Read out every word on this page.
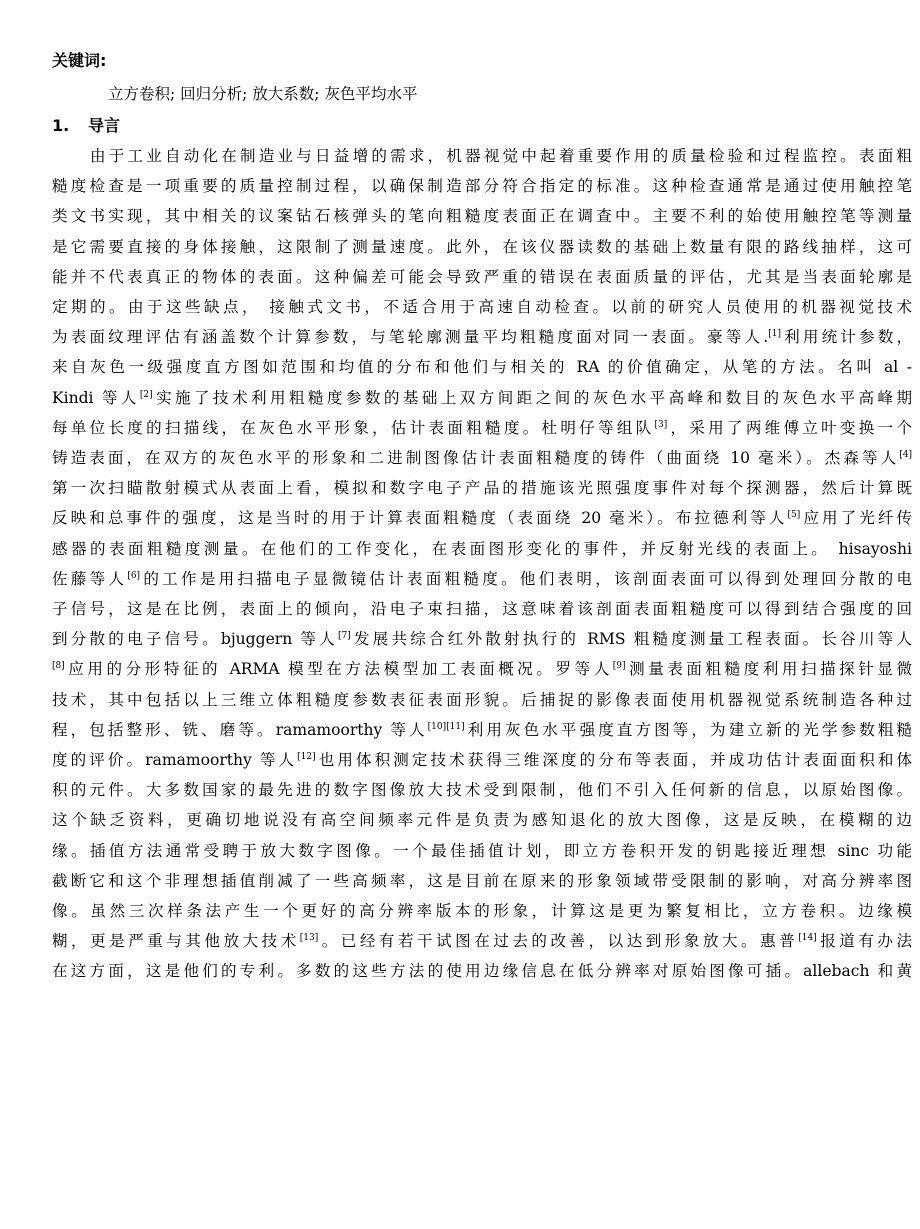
关键词:
立方卷积; 回归分析; 放大系数; 灰色平均水平
1. 导言
由于工业自动化在制造业与日益增的需求，机器视觉中起着重要作用的质量检验和过程监控。表面粗
糙度检查是一项重要的质量控制过程，以确保制造部分符合指定的标准。这种检查通常是通过使用触控笔
类文书实现，其中相关的议案钻石核弹头的笔向粗糙度表面正在调查中。主要不利的始使用触控笔等测量
是它需要直接的身体接触，这限制了测量速度。此外，在该仪器读数的基础上数量有限的路线抽样，这可
能并不代表真正的物体的表面。这种偏差可能会导致严重的错误在表面质量的评估，尤其是当表面轮廓是
定期的。由于这些缺点， 接触式文书，不适合用于高速自动检查。以前的研究人员使用的机器视觉技术
为表面纹理评估有涵盖数个计算参数，与笔轮廓测量平均粗糙度面对同一表面。豪等人.[1]利用统计参数，
来自灰色一级强度直方图如范围和均值的分布和他们与相关的 RA 的价值确定，从笔的方法。名叫 al -
Kindi 等人[2]实施了技术利用粗糙度参数的基础上双方间距之间的灰色水平高峰和数目的灰色水平高峰期
每单位长度的扫描线，在灰色水平形象，估计表面粗糙度。杜明仔等组队[3]，采用了两维傅立叶变换一个
铸造表面，在双方的灰色水平的形象和二进制图像估计表面粗糙度的铸件（曲面绕 10 毫米）。杰森等人[4]
第一次扫瞄散射模式从表面上看，模拟和数字电子产品的措施该光照强度事件对每个探测器，然后计算既
反映和总事件的强度，这是当时的用于计算表面粗糙度（表面绕 20 毫米）。布拉德利等人[5]应用了光纤传
感器的表面粗糙度测量。在他们的工作变化，在表面图形变化的事件，并反射光线的表面上。 hisayoshi
佐藤等人[6]的工作是用扫描电子显微镜估计表面粗糙度。他们表明，该剖面表面可以得到处理回分散的电
子信号，这是在比例，表面上的倾向，沿电子束扫描，这意味着该剖面表面粗糙度可以得到结合强度的回
到分散的电子信号。bjuggern 等人[7]发展共综合红外散射执行的 RMS 粗糙度测量工程表面。长谷川等人
[8]应用的分形特征的 ARMA 模型在方法模型加工表面概况。罗等人[9]测量表面粗糙度利用扫描探针显微
技术，其中包括以上三维立体粗糙度参数表征表面形貌。后捕捉的影像表面使用机器视觉系统制造各种过
程，包括整形、铣、磨等。ramamoorthy 等人[10][11]利用灰色水平强度直方图等，为建立新的光学参数粗糙
度的评价。ramamoorthy 等人[12]也用体积测定技术获得三维深度的分布等表面，并成功估计表面面积和体
积的元件。大多数国家的最先进的数字图像放大技术受到限制，他们不引入任何新的信息，以原始图像。
这个缺乏资料，更确切地说没有高空间频率元件是负责为感知退化的放大图像，这是反映，在模糊的边
缘。插值方法通常受聘于放大数字图像。一个最佳插值计划，即立方卷积开发的钥匙接近理想 sinc 功能
截断它和这个非理想插值削减了一些高频率，这是目前在原来的形象领域带受限制的影响，对高分辨率图
像。虽然三次样条法产生一个更好的高分辨率版本的形象，计算这是更为繁复相比，立方卷积。边缘模
糊，更是严重与其他放大技术[13]。已经有若干试图在过去的改善，以达到形象放大。惠普[14]报道有办法
在这方面，这是他们的专利。多数的这些方法的使用边缘信息在低分辨率对原始图像可插。allebach 和黄
